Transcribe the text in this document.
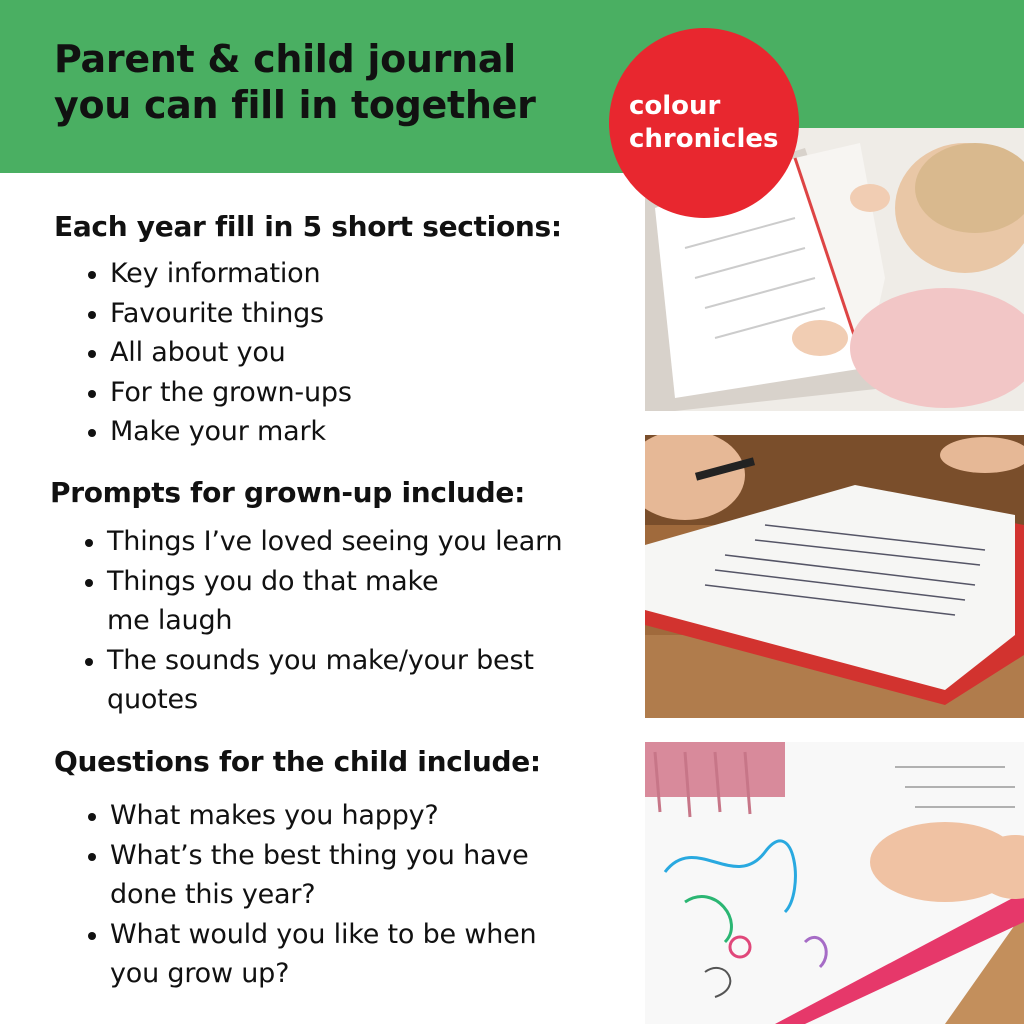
Parent & child journal
you can fill in together	colour
chronicles
Each year fill in 5 short sections:
Key information
Favourite things
All about you
For the grown-ups
Make your mark
Prompts for grown-up include:
Things I’ve loved seeing you learn
Things you do that make
me laugh
The sounds you make/your best
quotes
Questions for the child include:
What makes you happy?
What’s the best thing you have
done this year?
What would you like to be when
you grow up?
